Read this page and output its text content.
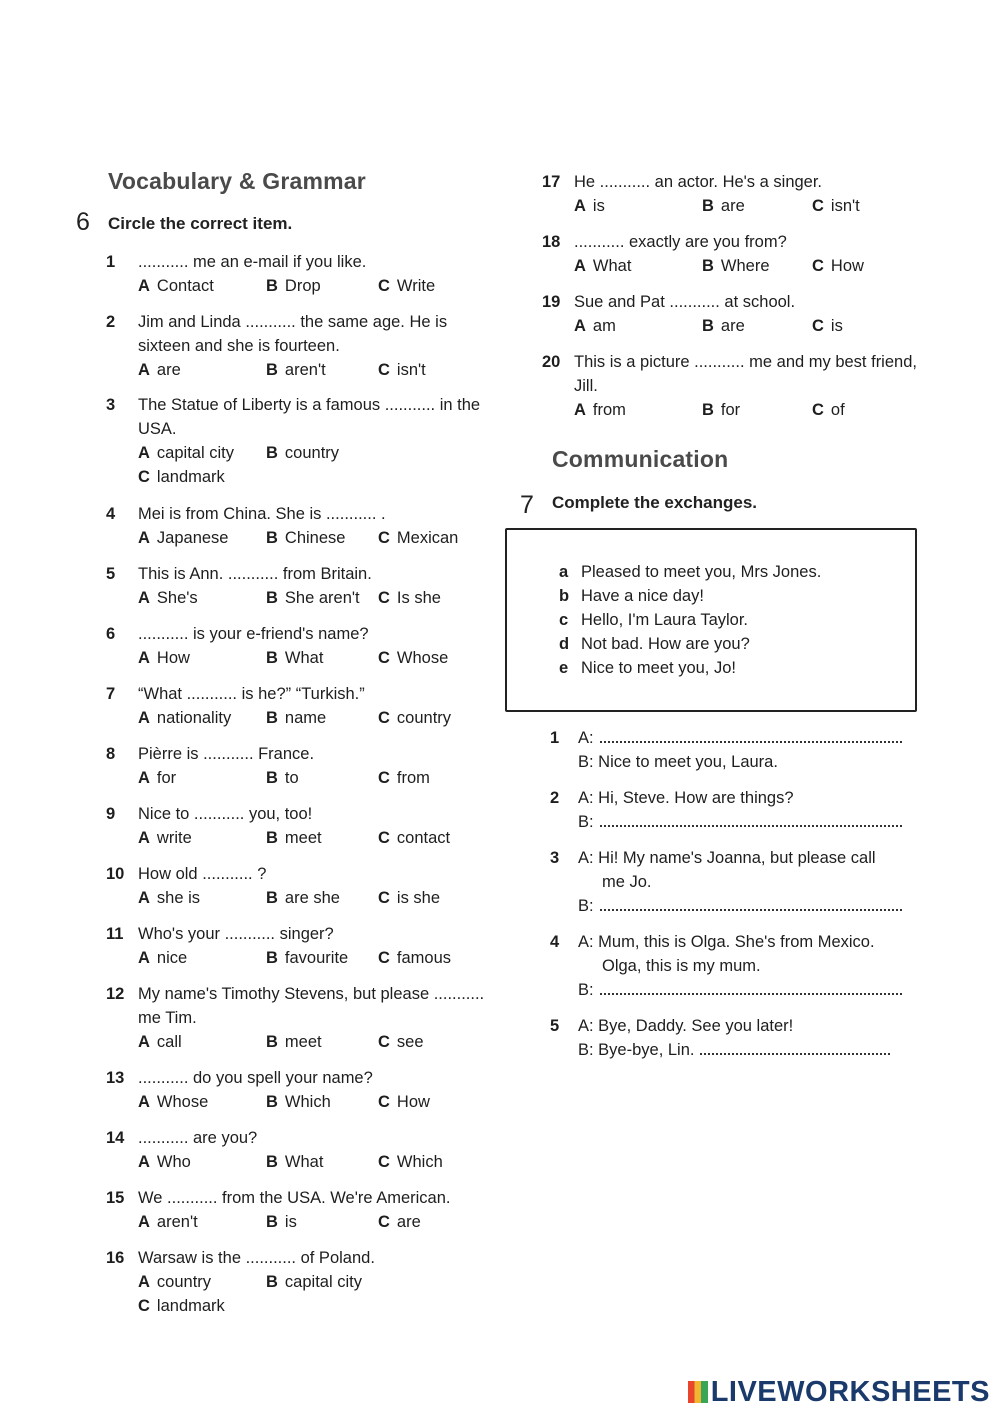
Vocabulary & Grammar
6 Circle the correct item.
1 ........... me an e-mail if you like.
A Contact	B Drop	C Write
2 Jim and Linda ........... the same age. He is sixteen and she is fourteen.
A are	B aren't	C isn't
3 The Statue of Liberty is a famous ........... in the USA.
A capital city B country
C landmark
4 Mei is from China. She is ........... .
A Japanese B Chinese C Mexican
5 This is Ann. ........... from Britain.
A She's	B She aren't C Is she
6 ........... is your e-friend's name?
A How	B What	C Whose
7 “What ........... is he?” “Turkish.”
A nationality B name	C country
8 Pièrre is ........... France.
A for	B to	C from
9 Nice to ........... you, too!
A write	B meet	C contact
10 How old ........... ?
A she is	B are she C is she
11 Who's your ........... singer?
A nice	B favourite C famous
12 My name's Timothy Stevens, but please ........... me Tim.
A call	B meet	C see
13 ........... do you spell your name?
A Whose	B Which	C How
14 ........... are you?
A Who	B What	C Which
15 We ........... from the USA. We're American.
A aren't	B is	C are
16 Warsaw is the ........... of Poland.
A country	B capital city
C landmark
17 He ........... an actor. He's a singer.
A is	B are	C isn't
18 ........... exactly are you from?
A What	B Where	C How
19 Sue and Pat ........... at school.
A am	B are	C is
20 This is a picture ........... me and my best friend, Jill.
A from	B for	C of
Communication
7 Complete the exchanges.
a Pleased to meet you, Mrs Jones.
b Have a nice day!
c Hello, I'm Laura Taylor.
d Not bad. How are you?
e Nice to meet you, Jo!
1 A:
B: Nice to meet you, Laura.
2 A: Hi, Steve. How are things?
B:
3 A: Hi! My name's Joanna, but please call
me Jo.
B:
4 A: Mum, this is Olga. She's from Mexico.
Olga, this is my mum.
B:
5 A: Bye, Daddy. See you later!
B: Bye-bye, Lin.
LIVEWORKSHEETS
